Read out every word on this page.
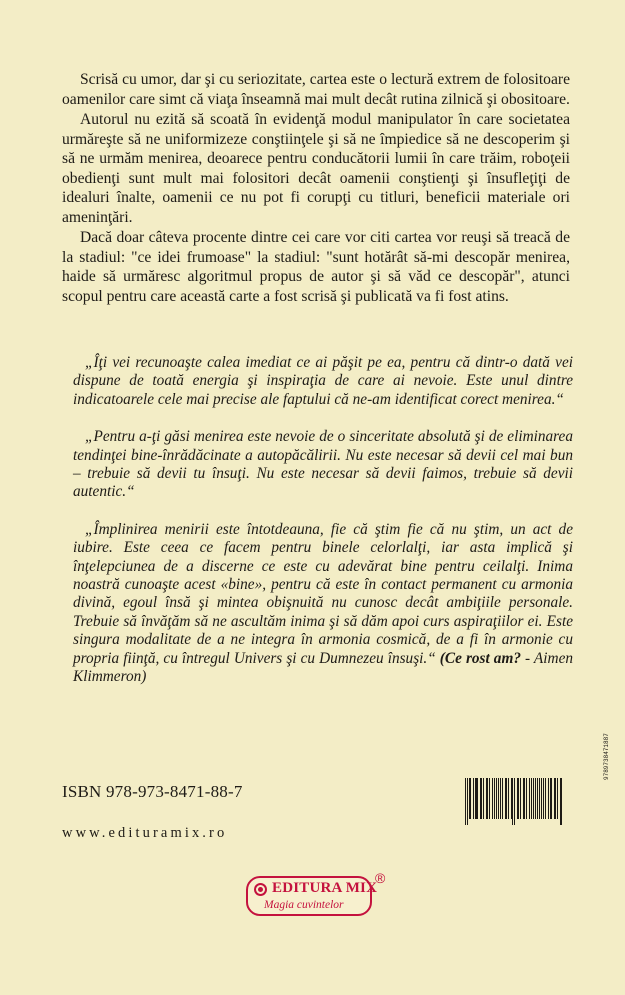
Scrisă cu umor, dar şi cu seriozitate, cartea este o lectură extrem de folositoare oamenilor care simt că viaţa înseamnă mai mult decât rutina zilnică şi obositoare.

Autorul nu ezită să scoată în evidenţă modul manipulator în care societatea urmăreşte să ne uniformizeze conştiinţele şi să ne împiedice să ne descoperim şi să ne urmăm menirea, deoarece pentru conducătorii lumii în care trăim, roboţeii obedienţi sunt mult mai folositori decât oamenii conştienţi şi însufleţiţi de idealuri înalte, oamenii ce nu pot fi corupţi cu titluri, beneficii materiale ori ameninţări.

Dacă doar câteva procente dintre cei care vor citi cartea vor reuşi să treacă de la stadiul: "ce idei frumoase" la stadiul: "sunt hotărât să-mi descopăr menirea, haide să urmăresc algoritmul propus de autor şi să văd ce descopăr", atunci scopul pentru care această carte a fost scrisă şi publicată va fi fost atins.

„Îţi vei recunoaşte calea imediat ce ai păşit pe ea, pentru că dintr-o dată vei dispune de toată energia şi inspiraţia de care ai nevoie. Este unul dintre indicatoarele cele mai precise ale faptului că ne-am identificat corect menirea.“

„Pentru a-ţi găsi menirea este nevoie de o sinceritate absolută şi de eliminarea tendinţei bine-înrădăcinate a autopăcălirii. Nu este necesar să devii cel mai bun – trebuie să devii tu însuţi. Nu este necesar să devii faimos, trebuie să devii autentic.“

„Împlinirea menirii este întotdeauna, fie că ştim fie că nu ştim, un act de iubire. Este ceea ce facem pentru binele celorlalţi, iar asta implică şi înţelepciunea de a discerne ce este cu adevărat bine pentru ceilalţi. Inima noastră cunoaşte acest «bine», pentru că este în contact permanent cu armonia divină, egoul însă şi mintea obişnuită nu cunosc decât ambiţiile personale. Trebuie să învăţăm să ne ascultăm inima şi să dăm apoi curs aspiraţiilor ei. Este singura modalitate de a ne integra în armonia cosmică, de a fi în armonie cu propria fiinţă, cu întregul Univers şi cu Dumnezeu însuşi.“ (Ce rost am? - Aimen Klimmeron)

ISBN 978-973-8471-88-7
www.edituramix.ro
9789738471887
EDITURA MIX
Magia cuvintelor
®
